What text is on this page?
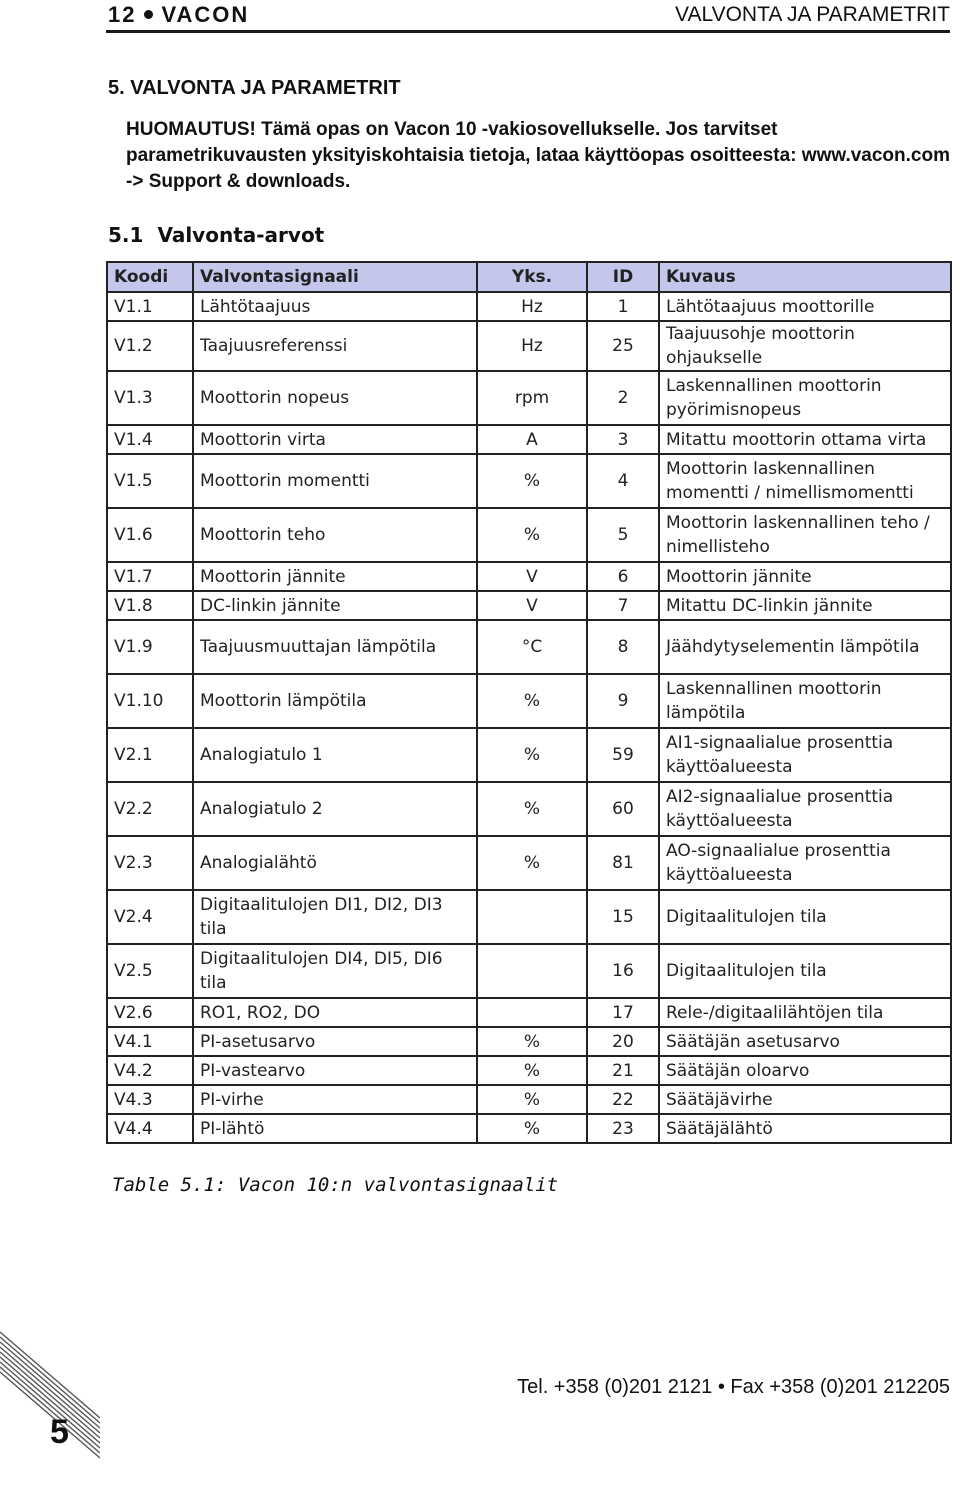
12 VACON	VALVONTA JA PARAMETRIT
5. VALVONTA JA PARAMETRIT
HUOMAUTUS! Tämä opas on Vacon 10 -vakiosovellukselle. Jos tarvitset parametrikuvausten yksityiskohtaisia tietoja, lataa käyttöopas osoitteesta: www.vacon.com -> Support & downloads.
5.1 Valvonta-arvot
Koodi	Valvontasignaali	Yks.	ID	Kuvaus
V1.1	Lähtötaajuus	Hz	1	Lähtötaajuus moottorille
V1.2	Taajuusreferenssi	Hz	25	Taajuusohje moottorin ohjaukselle
V1.3	Moottorin nopeus	rpm	2	Laskennallinen moottorin pyörimisnopeus
V1.4	Moottorin virta	A	3	Mitattu moottorin ottama virta
V1.5	Moottorin momentti	%	4	Moottorin laskennallinen momentti / nimellismomentti
V1.6	Moottorin teho	%	5	Moottorin laskennallinen teho / nimellisteho
V1.7	Moottorin jännite	V	6	Moottorin jännite
V1.8	DC-linkin jännite	V	7	Mitattu DC-linkin jännite
V1.9	Taajuusmuuttajan lämpötila	°C	8	Jäähdytyselementin lämpötila
V1.10	Moottorin lämpötila	%	9	Laskennallinen moottorin lämpötila
V2.1	Analogiatulo 1	%	59	AI1-signaalialue prosenttia käyttöalueesta
V2.2	Analogiatulo 2	%	60	AI2-signaalialue prosenttia käyttöalueesta
V2.3	Analogialähtö	%	81	AO-signaalialue prosenttia käyttöalueesta
V2.4	Digitaalitulojen DI1, DI2, DI3 tila		15	Digitaalitulojen tila
V2.5	Digitaalitulojen DI4, DI5, DI6 tila		16	Digitaalitulojen tila
V2.6	RO1, RO2, DO		17	Rele-/digitaalilähtöjen tila
V4.1	PI-asetusarvo	%	20	Säätäjän asetusarvo
V4.2	PI-vastearvo	%	21	Säätäjän oloarvo
V4.3	PI-virhe	%	22	Säätäjävirhe
V4.4	PI-lähtö	%	23	Säätäjälähtö
Table 5.1: Vacon 10:n valvontasignaalit
5
Tel. +358 (0)201 2121 • Fax +358 (0)201 212205
